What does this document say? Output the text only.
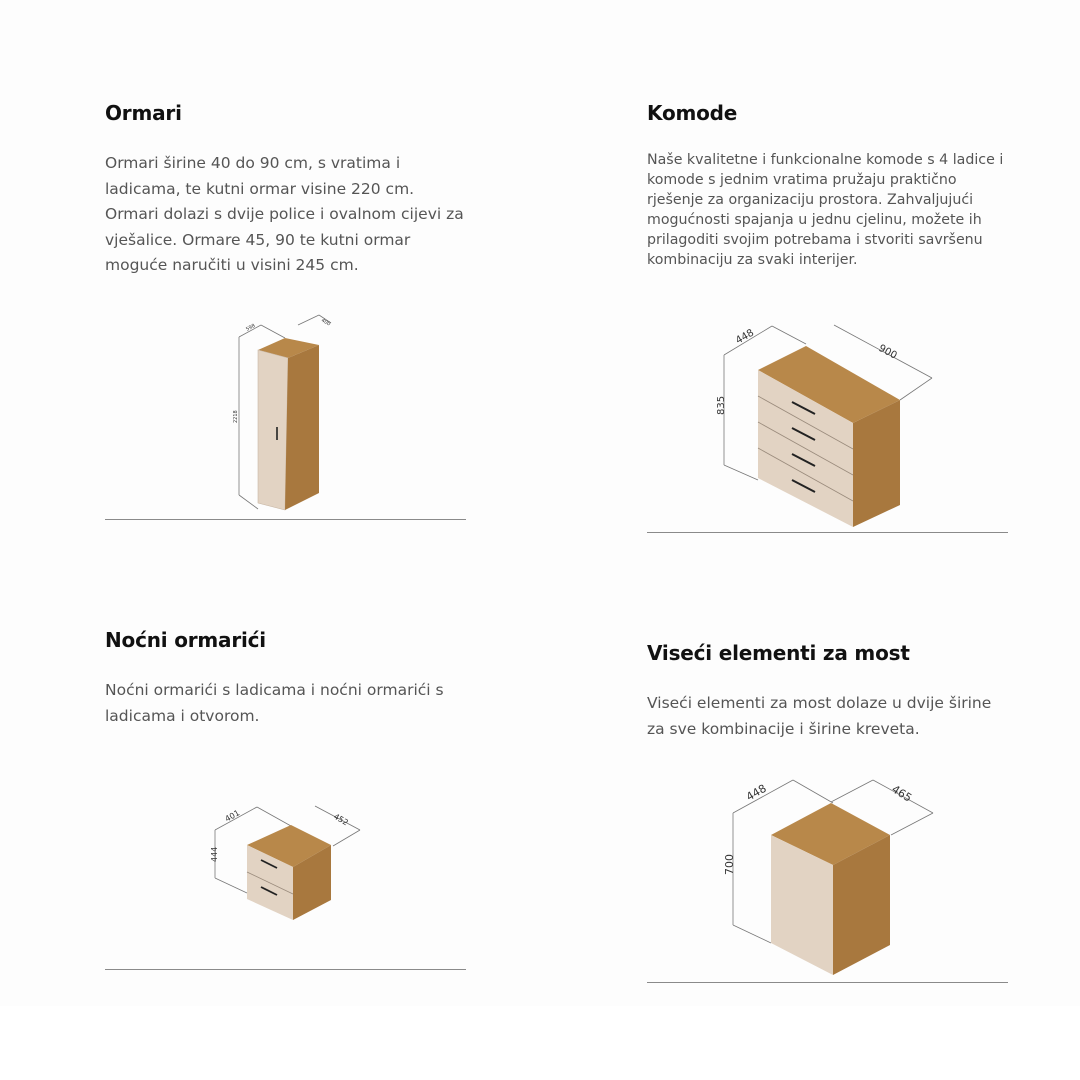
Ormari

Ormari širine 40 do 90 cm, s vratima i ladicama, te kutni ormar visine 220 cm. Ormari dolazi s dvije police i ovalnom cijevi za vješalice. Ormare 45, 90 te kutni ormar moguće naručiti u visini 245 cm.

598
400
2218
Komode

Naše kvalitetne i funkcionalne komode s 4 ladice i komode s jednim vratima pružaju praktično rješenje za organizaciju prostora. Zahvaljujući mogućnosti spajanja u jednu cjelinu, možete ih prilagoditi svojim potrebama i stvoriti savršenu kombinaciju za svaki interijer.

448
900
835
Noćni ormarići

Noćni ormarići s ladicama i noćni ormarići s ladicama i otvorom.

401	452
444
Viseći elementi za most

Viseći elementi za most dolaze u dvije širine za sve kombinacije i širine kreveta.

448	465
700
